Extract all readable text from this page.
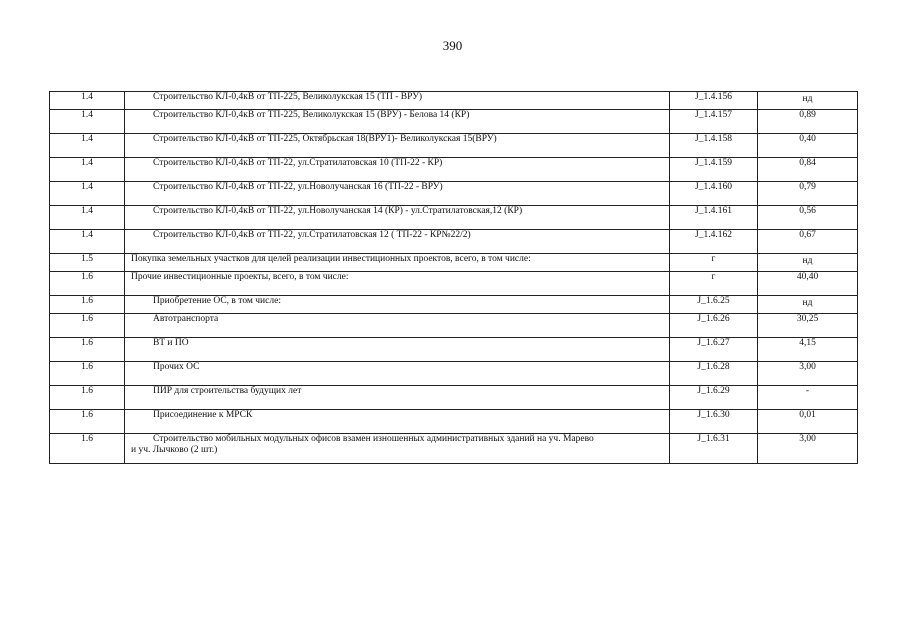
390
1.4	Строительство КЛ-0,4кВ от ТП-225, Великолукская 15 (ТП - ВРУ)	J_1.4.156	нд
1.4	Строительство КЛ-0,4кВ от ТП-225, Великолукская 15 (ВРУ) - Белова 14 (КР)	J_1.4.157	0,89
1.4	Строительство КЛ-0,4кВ от ТП-225, Октябрьская 18(ВРУ1)- Великолукская 15(ВРУ)	J_1.4.158	0,40
1.4	Строительство КЛ-0,4кВ от ТП-22, ул.Стратилатовская 10 (ТП-22 - КР)	J_1.4.159	0,84
1.4	Строительство КЛ-0,4кВ от ТП-22, ул.Новолучанская 16 (ТП-22 - ВРУ)	J_1.4.160	0,79
1.4	Строительство КЛ-0,4кВ от ТП-22, ул.Новолучанская 14 (КР) - ул.Стратилатовская,12 (КР)	J_1.4.161	0,56
1.4	Строительство КЛ-0,4кВ от ТП-22, ул.Стратилатовская 12 ( ТП-22 - КР№22/2)	J_1.4.162	0,67
1.5	Покупка земельных участков для целей реализации инвестиционных проектов, всего, в том числе:	г	нд
1.6	Прочие инвестиционные проекты, всего, в том числе:	г	40,40
1.6	Приобретение ОС, в том числе:	J_1.6.25	нд
1.6	Автотранспорта	J_1.6.26	30,25
1.6	ВТ и ПО	J_1.6.27	4,15
1.6	Прочих ОС	J_1.6.28	3,00
1.6	ПИР для строительства будущих лет	J_1.6.29	-
1.6	Присоединение к МРСК	J_1.6.30	0,01
1.6	Строительство мобильных модульных офисов взамен изношенных административных зданий на уч. Марево
и уч. Лычково (2 шт.)	J_1.6.31	3,00
